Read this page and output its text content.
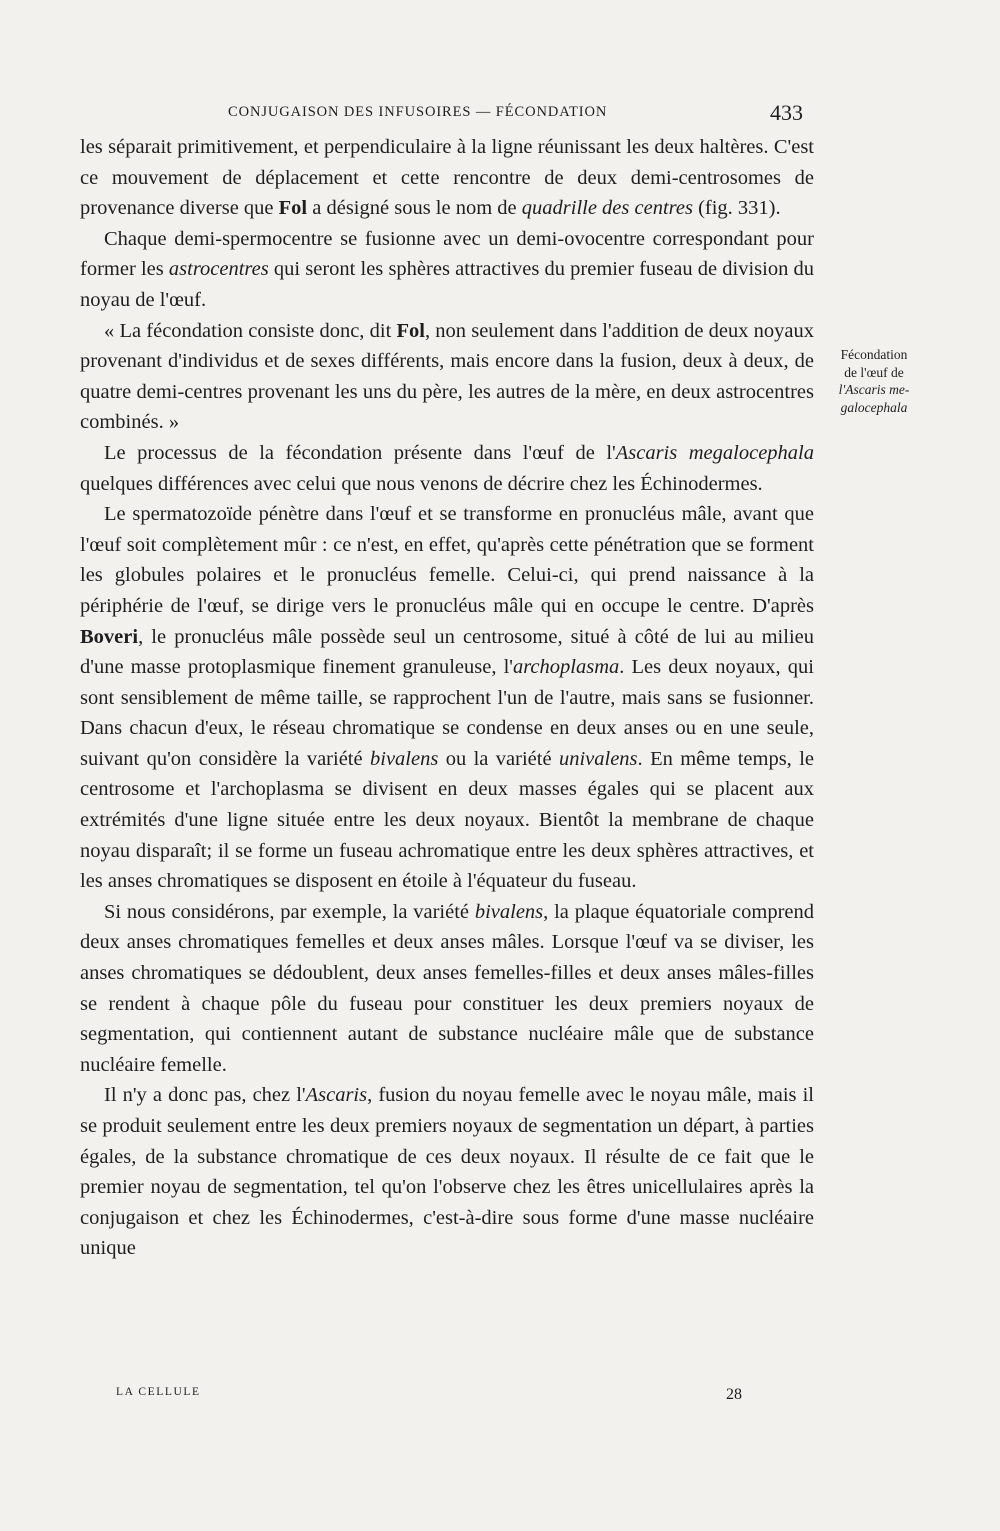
CONJUGAISON DES INFUSOIRES — FÉCONDATION	433

les séparait primitivement, et perpendiculaire à la ligne réunissant les deux haltères. C'est ce mouvement de déplacement et cette rencontre de deux demi-centrosomes de provenance diverse que Fol a désigné sous le nom de quadrille des centres (fig. 331).

Chaque demi-spermocentre se fusionne avec un demi-ovocentre correspondant pour former les astrocentres qui seront les sphères attractives du premier fuseau de division du noyau de l'œuf.

« La fécondation consiste donc, dit Fol, non seulement dans l'addition de deux noyaux provenant d'individus et de sexes différents, mais encore dans la fusion, deux à deux, de quatre demi-centres provenant les uns du père, les autres de la mère, en deux astrocentres combinés. »

Le processus de la fécondation présente dans l'œuf de l'Ascaris megalocephala quelques différences avec celui que nous venons de décrire chez les Échinodermes.

Le spermatozoïde pénètre dans l'œuf et se transforme en pronucléus mâle, avant que l'œuf soit complètement mûr : ce n'est, en effet, qu'après cette pénétration que se forment les globules polaires et le pronucléus femelle. Celui-ci, qui prend naissance à la périphérie de l'œuf, se dirige vers le pronucléus mâle qui en occupe le centre. D'après Boveri, le pronucléus mâle possède seul un centrosome, situé à côté de lui au milieu d'une masse protoplasmique finement granuleuse, l'archoplasma. Les deux noyaux, qui sont sensiblement de même taille, se rapprochent l'un de l'autre, mais sans se fusionner. Dans chacun d'eux, le réseau chromatique se condense en deux anses ou en une seule, suivant qu'on considère la variété bivalens ou la variété univalens. En même temps, le centrosome et l'archoplasma se divisent en deux masses égales qui se placent aux extrémités d'une ligne située entre les deux noyaux. Bientôt la membrane de chaque noyau disparaît; il se forme un fuseau achromatique entre les deux sphères attractives, et les anses chromatiques se disposent en étoile à l'équateur du fuseau.

Si nous considérons, par exemple, la variété bivalens, la plaque équatoriale comprend deux anses chromatiques femelles et deux anses mâles. Lorsque l'œuf va se diviser, les anses chromatiques se dédoublent, deux anses femelles-filles et deux anses mâles-filles se rendent à chaque pôle du fuseau pour constituer les deux premiers noyaux de segmentation, qui contiennent autant de substance nucléaire mâle que de substance nucléaire femelle.

Il n'y a donc pas, chez l'Ascaris, fusion du noyau femelle avec le noyau mâle, mais il se produit seulement entre les deux premiers noyaux de segmentation un départ, à parties égales, de la substance chromatique de ces deux noyaux. Il résulte de ce fait que le premier noyau de segmentation, tel qu'on l'observe chez les êtres unicellulaires après la conjugaison et chez les Échinodermes, c'est-à-dire sous forme d'une masse nucléaire unique

Fécondation
de l'œuf de
l'Ascaris me-
galocephala
LA CELLULE	28
